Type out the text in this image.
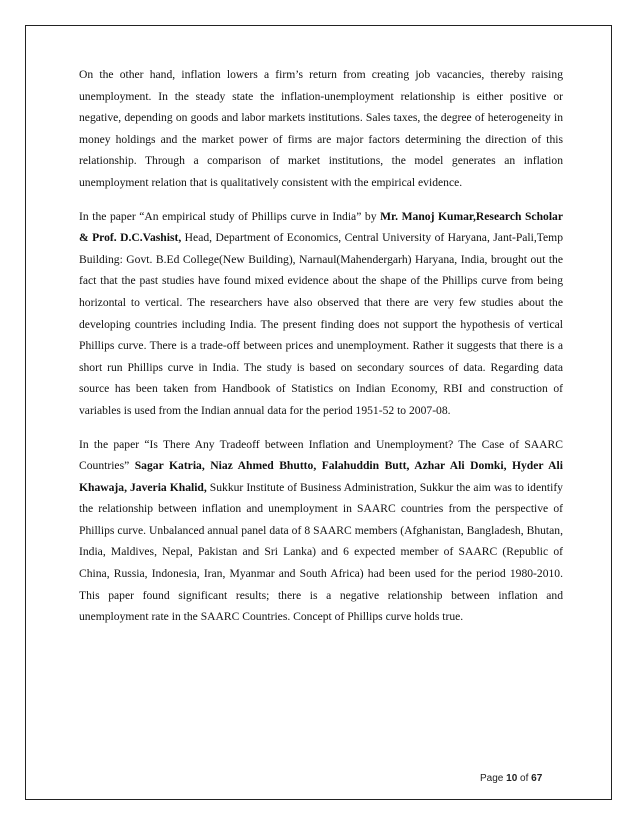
On the other hand, inflation lowers a firm’s return from creating job vacancies, thereby raising unemployment. In the steady state the inflation-unemployment relationship is either positive or negative, depending on goods and labor markets institutions. Sales taxes, the degree of heterogeneity in money holdings and the market power of firms are major factors determining the direction of this relationship. Through a comparison of market institutions, the model generates an inflation unemployment relation that is qualitatively consistent with the empirical evidence.

In the paper “An empirical study of Phillips curve in India” by Mr. Manoj Kumar,Research Scholar & Prof. D.C.Vashist, Head, Department of Economics, Central University of Haryana, Jant-Pali,Temp Building: Govt. B.Ed College(New Building), Narnaul(Mahendergarh) Haryana, India, brought out the fact that the past studies have found mixed evidence about the shape of the Phillips curve from being horizontal to vertical. The researchers have also observed that there are very few studies about the developing countries including India. The present finding does not support the hypothesis of vertical Phillips curve. There is a trade-off between prices and unemployment. Rather it suggests that there is a short run Phillips curve in India. The study is based on secondary sources of data. Regarding data source has been taken from Handbook of Statistics on Indian Economy, RBI and construction of variables is used from the Indian annual data for the period 1951-52 to 2007-08.

In the paper “Is There Any Tradeoff between Inflation and Unemployment? The Case of SAARC Countries” Sagar Katria, Niaz Ahmed Bhutto, Falahuddin Butt, Azhar Ali Domki, Hyder Ali Khawaja, Javeria Khalid, Sukkur Institute of Business Administration, Sukkur the aim was to identify the relationship between inflation and unemployment in SAARC countries from the perspective of Phillips curve. Unbalanced annual panel data of 8 SAARC members (Afghanistan, Bangladesh, Bhutan, India, Maldives, Nepal, Pakistan and Sri Lanka) and 6 expected member of SAARC (Republic of China, Russia, Indonesia, Iran, Myanmar and South Africa) had been used for the period 1980-2010. This paper found significant results; there is a negative relationship between inflation and unemployment rate in the SAARC Countries. Concept of Phillips curve holds true.

Page 10 of 67
